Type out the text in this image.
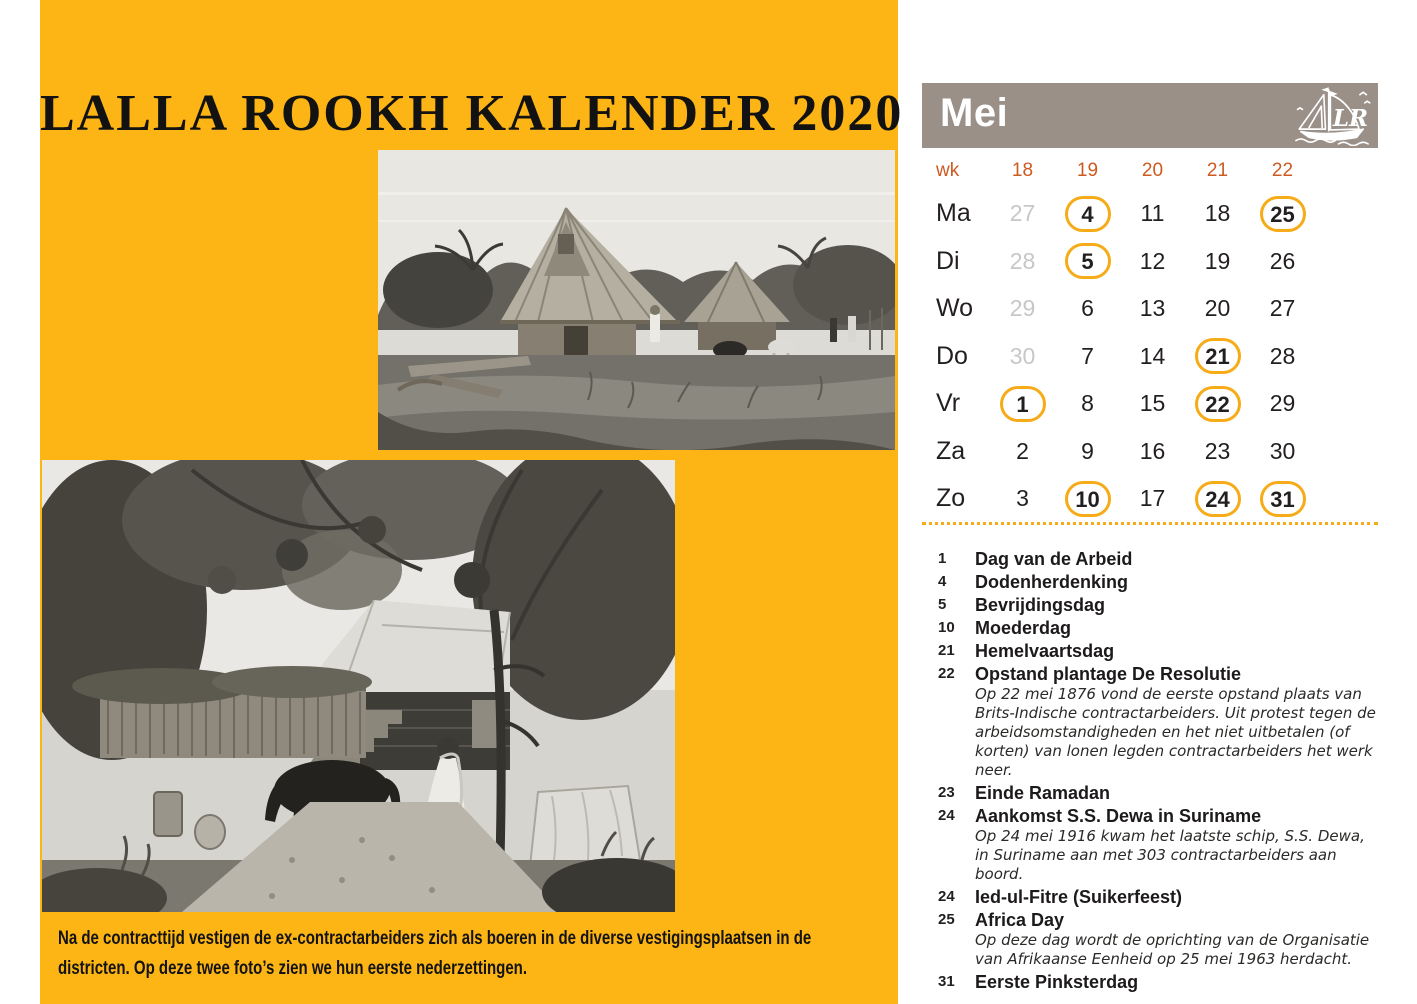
LALLA ROOKH KALENDER 2020

Na de contracttijd vestigen de ex-contractarbeiders zich als boeren in de diverse vestigingsplaatsen in de districten. Op deze twee foto’s zien we hun eerste nederzettingen.

Mei	LR
wk	18	19	20	21	22
Ma	27	4	11	18	25
Di	28	5	12	19	26
Wo	29	6	13	20	27
Do	30	7	14	21	28
Vr	1	8	15	22	29
Za	2	9	16	23	30
Zo	3	10	17	24	31
1	Dag van de Arbeid
4	Dodenherdenking
5	Bevrijdingsdag
10	Moederdag
21	Hemelvaartsdag
22	Opstand plantage De Resolutie
Op 22 mei 1876 vond de eerste opstand plaats van Brits-Indische contractarbeiders. Uit protest tegen de arbeidsomstandigheden en het niet uitbetalen (of korten) van lonen legden contractarbeiders het werk neer.
23	Einde Ramadan
24	Aankomst S.S. Dewa in Suriname
Op 24 mei 1916 kwam het laatste schip, S.S. Dewa, in Suriname aan met 303 contractarbeiders aan boord.
24	Ied-ul-Fitre (Suikerfeest)
25	Africa Day
Op deze dag wordt de oprichting van de Organisatie van Afrikaanse Eenheid op 25 mei 1963 herdacht.
31	Eerste Pinksterdag
